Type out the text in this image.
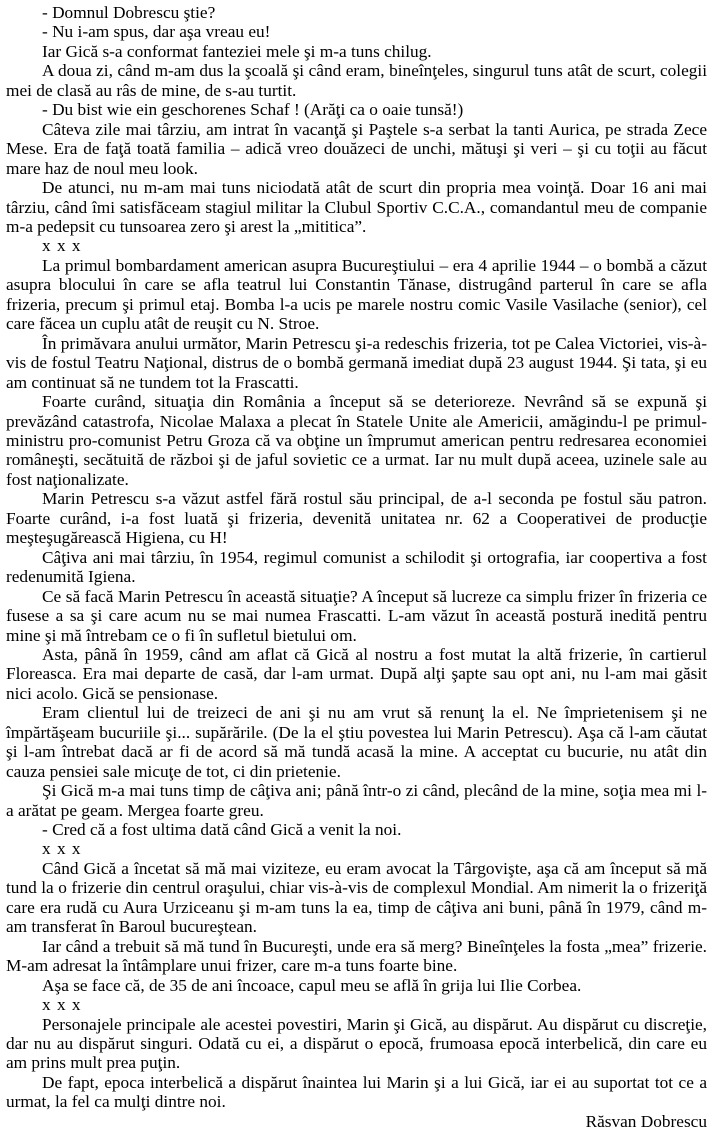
- Domnul Dobrescu ştie?

- Nu i-am spus, dar aşa vreau eu!

Iar Gică s-a conformat fanteziei mele şi m-a tuns chilug.

A doua zi, când m-am dus la şcoală şi când eram, bineînţeles, singurul tuns atât de scurt, colegii mei de clasă au râs de mine, de s-au turtit.

- Du bist wie ein geschorenes Schaf ! (Arăţi ca o oaie tunsă!)

Câteva zile mai târziu, am intrat în vacanţă şi Paştele s-a serbat la tanti Aurica, pe strada Zece Mese. Era de faţă toată familia – adică vreo douăzeci de unchi, mătuşi şi veri – şi cu toţii au făcut mare haz de noul meu look.

De atunci, nu m-am mai tuns niciodată atât de scurt din propria mea voinţă. Doar 16 ani mai târziu, când îmi satisfăceam stagiul militar la Clubul Sportiv C.C.A., comandantul meu de companie m-a pedepsit cu tunsoarea zero şi arest la „mititica”.

x x x

La primul bombardament american asupra Bucureştiului – era 4 aprilie 1944 – o bombă a căzut asupra blocului în care se afla teatrul lui Constantin Tănase, distrugând parterul în care se afla frizeria, precum şi primul etaj. Bomba l-a ucis pe marele nostru comic Vasile Vasilache (senior), cel care făcea un cuplu atât de reuşit cu N. Stroe.

În primăvara anului următor, Marin Petrescu şi-a redeschis frizeria, tot pe Calea Victoriei, vis-à-vis de fostul Teatru Naţional, distrus de o bombă germană imediat după 23 august 1944. Şi tata, şi eu am continuat să ne tundem tot la Frascatti.

Foarte curând, situaţia din România a început să se deterioreze. Nevrând să se expună şi prevăzând catastrofa, Nicolae Malaxa a plecat în Statele Unite ale Americii, amăgindu-l pe primul-ministru pro-comunist Petru Groza că va obţine un împrumut american pentru redresarea economiei româneşti, secătuită de război şi de jaful sovietic ce a urmat. Iar nu mult după aceea, uzinele sale au fost naţionalizate.

Marin Petrescu s-a văzut astfel fără rostul său principal, de a-l seconda pe fostul său patron. Foarte curând, i-a fost luată şi frizeria, devenită unitatea nr. 62 a Cooperativei de producţie meşteşugărească Higiena, cu H!

Câţiva ani mai târziu, în 1954, regimul comunist a schilodit şi ortografia, iar coopertiva a fost redenumită Igiena.

Ce să facă Marin Petrescu în această situaţie? A început să lucreze ca simplu frizer în frizeria ce fusese a sa şi care acum nu se mai numea Frascatti. L-am văzut în această postură inedită pentru mine şi mă întrebam ce o fi în sufletul bietului om.

Asta, până în 1959, când am aflat că Gică al nostru a fost mutat la altă frizerie, în cartierul Floreasca. Era mai departe de casă, dar l-am urmat. După alţi şapte sau opt ani, nu l-am mai găsit nici acolo. Gică se pensionase.

Eram clientul lui de treizeci de ani şi nu am vrut să renunţ la el. Ne împrietenisem şi ne împărtăşeam bucuriile şi... supărările. (De la el ştiu povestea lui Marin Petrescu). Aşa că l-am căutat şi l-am întrebat dacă ar fi de acord să mă tundă acasă la mine. A acceptat cu bucurie, nu atât din cauza pensiei sale micuţe de tot, ci din prietenie.

Şi Gică m-a mai tuns timp de câţiva ani; până într-o zi când, plecând de la mine, soţia mea mi l-a arătat pe geam. Mergea foarte greu.

- Cred că a fost ultima dată când Gică a venit la noi.

x x x

Când Gică a încetat să mă mai viziteze, eu eram avocat la Târgovişte, aşa că am început să mă tund la o frizerie din centrul oraşului, chiar vis-à-vis de complexul Mondial. Am nimerit la o frizeriţă care era rudă cu Aura Urziceanu şi m-am tuns la ea, timp de câţiva ani buni, până în 1979, când m-am transferat în Baroul bucureştean.

Iar când a trebuit să mă tund în Bucureşti, unde era să merg? Bineînţeles la fosta „mea” frizerie. M-am adresat la întâmplare unui frizer, care m-a tuns foarte bine.

Aşa se face că, de 35 de ani încoace, capul meu se află în grija lui Ilie Corbea.

x x x

Personajele principale ale acestei povestiri, Marin şi Gică, au dispărut. Au dispărut cu discreţie, dar nu au dispărut singuri. Odată cu ei, a dispărut o epocă, frumoasa epocă interbelică, din care eu am prins mult prea puţin.

De fapt, epoca interbelică a dispărut înaintea lui Marin şi a lui Gică, iar ei au suportat tot ce a urmat, la fel ca mulţi dintre noi.

Răsvan Dobrescu
